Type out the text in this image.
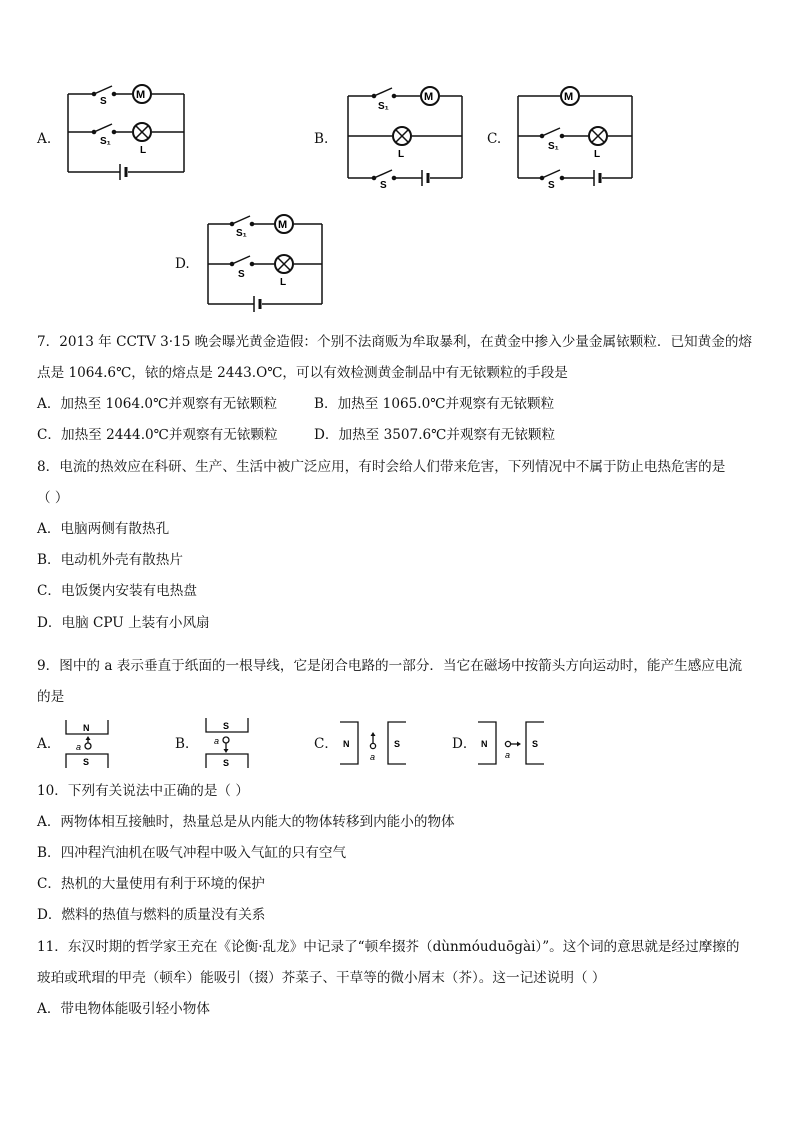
A.
M
S
S₁
L
B.
M
S₁
L
S
C.
M
S₁
L
S
D.
M
S₁
S
L
7．2013 年 CCTV 3·15 晚会曝光黄金造假：个别不法商贩为牟取暴利，在黄金中掺入少量金属铱颗粒．已知黄金的熔
点是 1064.6℃，铱的熔点是 2443.O℃，可以有效检测黄金制品中有无铱颗粒的手段是
A．加热至 1064.0℃并观察有无铱颗粒	B．加热至 1065.0℃并观察有无铱颗粒
C．加热至 2444.0℃并观察有无铱颗粒	D．加热至 3507.6℃并观察有无铱颗粒
8．电流的热效应在科研、生产、生活中被广泛应用，有时会给人们带来危害，下列情况中不属于防止电热危害的是
（ ）
A．电脑两侧有散热孔
B．电动机外壳有散热片
C．电饭煲内安装有电热盘
D．电脑 CPU 上装有小风扇
9．图中的 a 表示垂直于纸面的一根导线，它是闭合电路的一部分．当它在磁场中按箭头方向运动时，能产生感应电流
的是
A．
N
S
a	B．
S
S
a	C． N	S
a
D． N	S
a
10．下列有关说法中正确的是（ ）
A．两物体相互接触时，热量总是从内能大的物体转移到内能小的物体
B．四冲程汽油机在吸气冲程中吸入气缸的只有空气
C．热机的大量使用有利于环境的保护
D．燃料的热值与燃料的质量没有关系
11．东汉时期的哲学家王充在《论衡·乱龙》中记录了“顿牟掇芥（dùnmóuduōgài）”。这个词的意思就是经过摩擦的
玻珀或玳瑁的甲壳（顿牟）能吸引（掇）芥菜子、干草等的微小屑末（芥）。这一记述说明（ ）
A．带电物体能吸引轻小物体
